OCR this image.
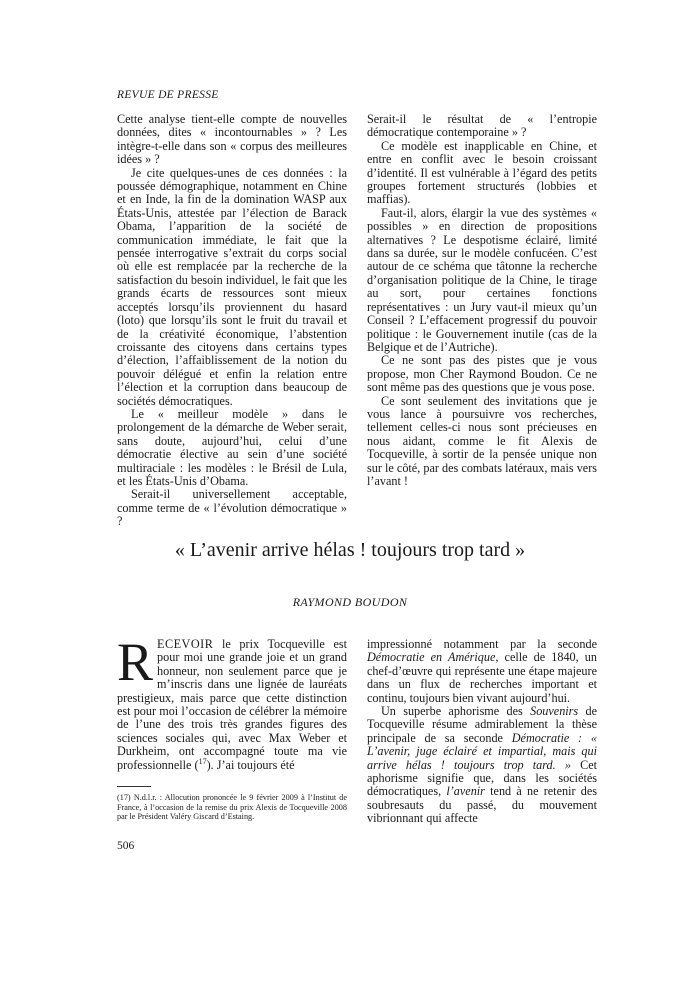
REVUE DE PRESSE

Cette analyse tient-elle compte de nouvelles données, dites « incontournables » ? Les intègre-t-elle dans son « corpus des meilleures idées » ?

Je cite quelques-unes de ces données : la poussée démographique, notamment en Chine et en Inde, la fin de la domination WASP aux États-Unis, attestée par l’élection de Barack Obama, l’apparition de la société de communication immédiate, le fait que la pensée interrogative s’extrait du corps social où elle est remplacée par la recherche de la satisfaction du besoin individuel, le fait que les grands écarts de ressources sont mieux acceptés lorsqu’ils proviennent du hasard (loto) que lorsqu’ils sont le fruit du travail et de la créativité économique, l’abstention croissante des citoyens dans certains types d’élection, l’affaiblissement de la notion du pouvoir délégué et enfin la relation entre l’élection et la corruption dans beaucoup de sociétés démocratiques.

Le « meilleur modèle » dans le prolongement de la démarche de Weber serait, sans doute, aujourd’hui, celui d’une démocratie élective au sein d’une société multiraciale : les modèles : le Brésil de Lula, et les États-Unis d’Obama.

Serait-il universellement acceptable, comme terme de « l’évolution démocratique » ?

Serait-il le résultat de « l’entropie démocratique contemporaine » ?

Ce modèle est inapplicable en Chine, et entre en conflit avec le besoin croissant d’identité. Il est vulnérable à l’égard des petits groupes fortement structurés (lobbies et maffias).

Faut-il, alors, élargir la vue des systèmes « possibles » en direction de propositions alternatives ? Le despotisme éclairé, limité dans sa durée, sur le modèle confucéen. C’est autour de ce schéma que tâtonne la recherche d’organisation politique de la Chine, le tirage au sort, pour certaines fonctions représentatives : un Jury vaut-il mieux qu’un Conseil ? L’effacement progressif du pouvoir politique : le Gouvernement inutile (cas de la Belgique et de l’Autriche).

Ce ne sont pas des pistes que je vous propose, mon Cher Raymond Boudon. Ce ne sont même pas des questions que je vous pose.

Ce sont seulement des invitations que je vous lance à poursuivre vos recherches, tellement celles-ci nous sont précieuses en nous aidant, comme le fit Alexis de Tocqueville, à sortir de la pensée unique non sur le côté, par des combats latéraux, mais vers l’avant !

« L’avenir arrive hélas ! toujours trop tard »
RAYMOND BOUDON

RECEVOIR le prix Tocqueville est pour moi une grande joie et un grand honneur, non seulement parce que je m’inscris dans une lignée de lauréats prestigieux, mais parce que cette distinction est pour moi l’occasion de célébrer la mémoire de l’une des trois très grandes figures des sciences sociales qui, avec Max Weber et Durkheim, ont accompagné toute ma vie professionnelle ($^{17}$). J’ai toujours été

impressionné notamment par la seconde Démocratie en Amérique, celle de 1840, un chef-d’œuvre qui représente une étape majeure dans un flux de recherches important et continu, toujours bien vivant aujourd’hui.

Un superbe aphorisme des Souvenirs de Tocqueville résume admirablement la thèse principale de sa seconde Démocratie : « L’avenir, juge éclairé et impartial, mais qui arrive hélas ! toujours trop tard. » Cet aphorisme signifie que, dans les sociétés démocratiques, l’avenir tend à ne retenir des soubresauts du passé, du mouvement vibrionnant qui affecte

(17) N.d.l.r. : Allocution prononcée le 9 février 2009 à l’Institut de France, à l’occasion de la remise du prix Alexis de Tocqueville 2008 par le Président Valéry Giscard d’Estaing.
506
